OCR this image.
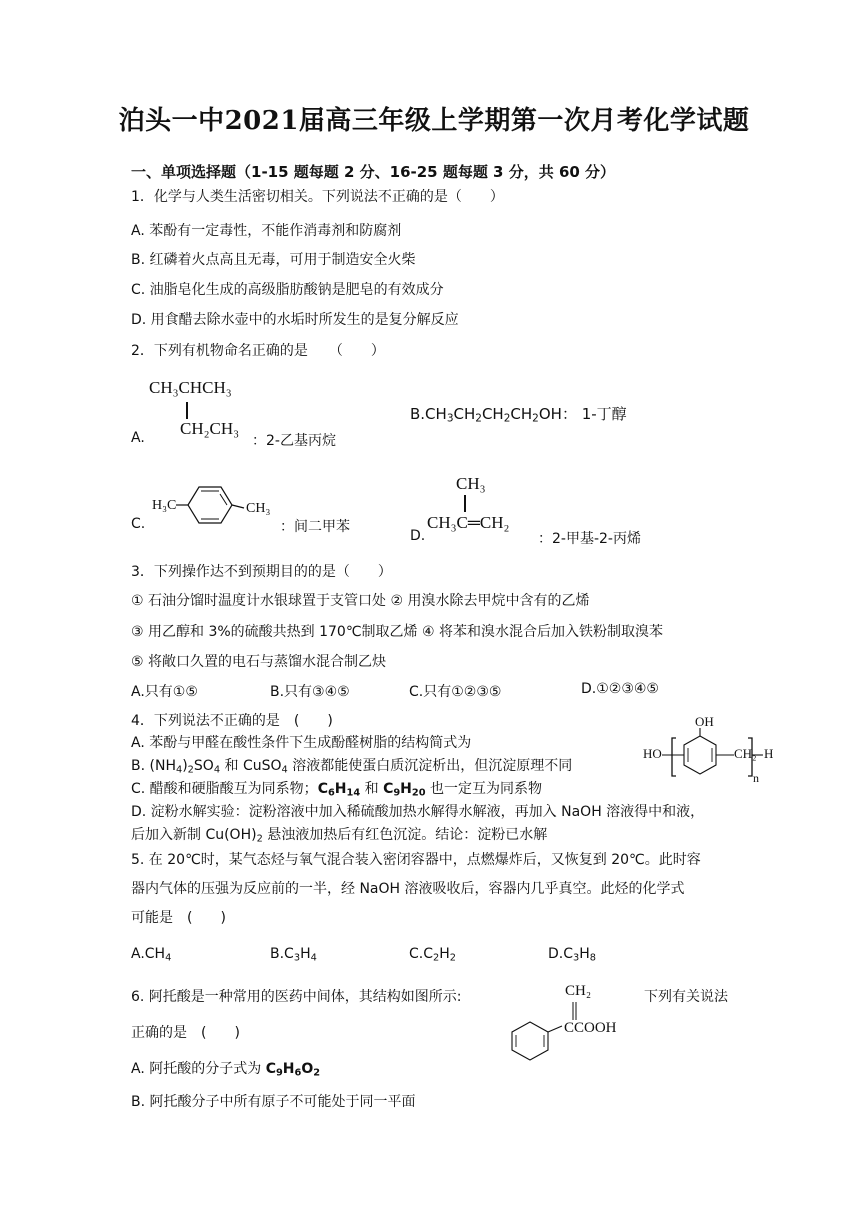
泊头一中2021届高三年级上学期第一次月考化学试题
一、单项选择题（1-15 题每题 2 分、16-25 题每题 3 分，共 60 分）
1．化学与人类生活密切相关。下列说法不正确的是（　　）
A. 苯酚有一定毒性，不能作消毒剂和防腐剂
B. 红磷着火点高且无毒，可用于制造安全火柴
C. 油脂皂化生成的高级脂肪酸钠是肥皂的有效成分
D. 用食醋去除水壶中的水垢时所发生的是复分解反应
2．下列有机物命名正确的是　　（　　）
A.
CH₃CHCH₃
CH₂CH₃
：2-乙基丙烷
$B.CH_3CH_2CH_2CH_2OH$： 1-丁醇
C.
H₃C	CH₃
：间二甲苯
CH₃
CH₃C═CH₂
D.	：2-甲基-2-丙烯
3．下列操作达不到预期目的的是（　　）
① 石油分馏时温度计水银球置于支管口处 ② 用溴水除去甲烷中含有的乙烯
③ 用乙醇和 3%的硫酸共热到 170℃制取乙烯 ④ 将苯和溴水混合后加入铁粉制取溴苯
⑤ 将敞口久置的电石与蒸馏水混合制乙炔
A.只有①⑤	B.只有③④⑤	C.只有①②③⑤	D.①②③④⑤
4．下列说法不正确的是　(　　)
A. 苯酚与甲醛在酸性条件下生成酚醛树脂的结构简式为
B. $(NH_4)_2SO_4$ 和 CuSO$_4$ 溶液都能使蛋白质沉淀析出，但沉淀原理不同
C. 醋酸和硬脂酸互为同系物；$C_6H_{14}$ 和 $C_9H_{20}$ 也一定互为同系物
D. 淀粉水解实验：淀粉溶液中加入稀硫酸加热水解得水解液，再加入 NaOH 溶液得中和液，
后加入新制 $Cu(OH)_2$ 悬浊液加热后有红色沉淀。结论：淀粉已水解
OH
HO	CH₂ H
n
5. 在 20℃时，某气态烃与氧气混合装入密闭容器中，点燃爆炸后，又恢复到 20℃。此时容
器内气体的压强为反应前的一半，经 NaOH 溶液吸收后，容器内几乎真空。此烃的化学式
可能是　(　　)
$A.CH_4$	$B.C_3H_4$	$C.C_2H_2$	$D.C_3H_8$
6. 阿托酸是一种常用的医药中间体，其结构如图所示:	下列有关说法
正确的是　(　　)
CH₂
CCOOH
A. 阿托酸的分子式为 $C_9H_6O_2$
B. 阿托酸分子中所有原子不可能处于同一平面
